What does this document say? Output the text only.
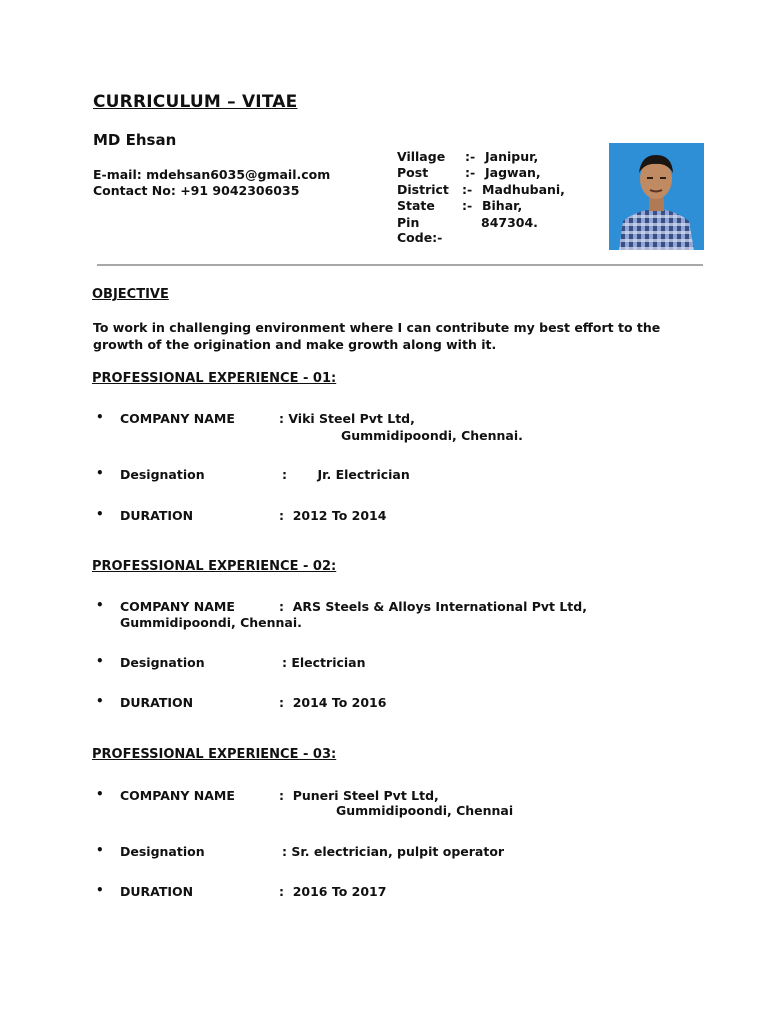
CURRICULUM – VITAE
MD Ehsan
E-mail: mdehsan6035@gmail.com
Contact No: +91 9042306035
Village :- Janipur,
Post	:- Jagwan,
District :- Madhubani,
State :- Bihar,
Pin Code:-
847304.
OBJECTIVE
To work in challenging environment where I can contribute my best effort to the growth of the origination and make growth along with it.
PROFESSIONAL EXPERIENCE - 01:
• COMPANY NAME	: Viki Steel Pvt Ltd,
Gummidipoondi, Chennai.
• Designation	:       Jr. Electrician
• DURATION	:  2012 To 2014
PROFESSIONAL EXPERIENCE - 02:
• COMPANY NAME	:  ARS Steels & Alloys International Pvt Ltd,
Gummidipoondi, Chennai.
• Designation	: Electrician
• DURATION	:  2014 To 2016
PROFESSIONAL EXPERIENCE - 03:
• COMPANY NAME	:  Puneri Steel Pvt Ltd,
Gummidipoondi, Chennai
• Designation	: Sr. electrician, pulpit operator
• DURATION	:  2016 To 2017
